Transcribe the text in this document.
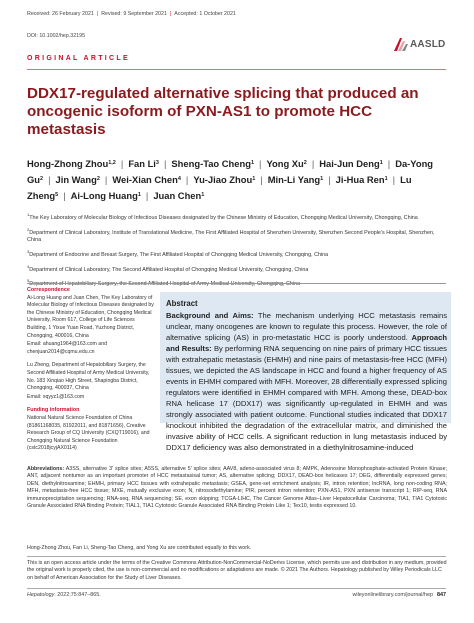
Received: 26 February 2021 | Revised: 9 September 2021 | Accepted: 1 October 2021
DOI: 10.1002/hep.32195
AASLD
ORIGINAL ARTICLE
DDX17-regulated alternative splicing that produced an oncogenic isoform of PXN-AS1 to promote HCC metastasis
Hong-Zhong Zhou$^{1,2}$ | Fan Li$^3$ | Sheng-Tao Cheng$^1$ | Yong Xu$^2$ | Hai-Jun Deng$^1$ | Da-Yong Gu$^2$ | Jin Wang$^2$ | Wei-Xian Chen$^4$ | Yu-Jiao Zhou$^1$ | Min-Li Yang$^1$ | Ji-Hua Ren$^1$ | Lu Zheng$^5$ | Ai-Long Huang$^1$ | Juan Chen$^1$

$^1$The Key Laboratory of Molecular Biology of Infectious Diseases designated by the Chinese Ministry of Education, Chongqing Medical University, Chongqing, China

$^2$Department of Clinical Laboratory, Institute of Translational Medicine, The First Affiliated Hospital of Shenzhen University, Shenzhen Second People’s Hospital, Shenzhen, China

$^3$Department of Endocrine and Breast Surgery, The First Affiliated Hospital of Chongqing Medical University, Chongqing, China

$^4$Department of Clinical Laboratory, The Second Affiliated Hospital of Chongqing Medical University, Chongqing, China

$^5$

Correspondence

Ai-Long Huang and Juan Chen, The Key Laboratory of Molecular Biology of Infectious Diseases designated by the Chinese Ministry of Education, Chongqing Medical University, Room 617, College of Life Sciences Building, 1 Yixue Yuan Road, Yuzhong District, Chongqing, 400016, China

Email: ahuang1964@163.com and chenjuan2014@cqmu.edu.cn

Lu Zheng, Department of Hepatobiliary Surgery, the Second Affiliated Hospital of Army Medical University, No. 183 Xinqiao High Street, Shapingba District, Chongqing, 400037, China

Email: xqyyz1@163.com

Funding information

National Natural Science Foundation of China (81861168035, 81922011, and 81871656), Creative Research Group of CQ University (CXQT19016), and Chongqing Natural Science Foundation (cstc2018jcyjAX0114)

Abstract
Background and Aims: The mechanism underlying HCC metastasis remains unclear, many oncogenes are known to regulate this process. However, the role of alternative splicing (AS) in pro-metastatic HCC is poorly understood. Approach and Results: By performing RNA sequencing on nine pairs of primary HCC tissues with extrahepatic metastasis (EHMH) and nine pairs of metastasis-free HCC (MFH) tissues, we depicted the AS landscape in HCC and found a higher frequency of AS events in EHMH compared with MFH. Moreover, 28 differentially expressed splicing regulators were identified in EHMH compared with MFH. Among these, DEAD-box RNA helicase 17 (DDX17) was significantly up-regulated in EHMH and was strongly associated with patient outcome. Functional studies indicated that DDX17 knockout inhibited the degradation of the extracellular matrix, and diminished the invasive ability of HCC cells. A significant reduction in lung metastasis induced by DDX17 deficiency was also demonstrated in a diethylnitrosamine-induced
Abbreviations: A3SS, alternative 3′ splice sites; A5SS, alternative 5′ splice sites; AAV8, adeno-associated virus 8; AMPK, Adenosine Monophosphate-activated Protein Kinase; ANT, adjacent nontumor as an important promoter of HCC metastasisal tumor; AS, alternative splicing; DDX17, DEAD-box helicases 17; DEG, differentially expressed genes; DEN, diethylnitrosamine; EHMH, primary HCC tissues with extrahepatic metastasis; GSEA, gene-set enrichment analysis; IR, intron retention; lncRNA, long non-coding RNA; MFH, metastasis-free HCC tissue; MXE, mutually exclusive exon; N, nitrosodiethylamine; PIR, percent intron retention; PXN-AS1, PXN antisense transcript 1; RIP-seq, RNA immunoprecipitation sequencing; RNA-seq, RNA sequencing; SE, exon skipping; TCGA-LIHC, The Cancer Genome Atlas–Liver Hepatocellular Carcinoma; TIA1, TIA1 Cytotoxic Granule Associated RNA Binding Protein; TIAL1, TIA1 Cytotoxic Granule Associated RNA Binding Protein Like 1; Tex10, testis expressed 10.
Hong-Zhong Zhou, Fan Li, Sheng-Tao Cheng, and Yong Xu are contributed equally to this work.
This is an open access article under the terms of the Creative Commons Attribution-NonCommercial-NoDerivs License, which permits use and distribution in any medium, provided the original work is properly cited, the use is non-commercial and no modifications or adaptations are made. © 2021 The Authors. Hepatology published by Wiley Periodicals LLC on behalf of American Association for the Study of Liver Diseases.
Hepatology. 2022;75:847–865.	wileyonlinelibrary.com/journal/hep 847
